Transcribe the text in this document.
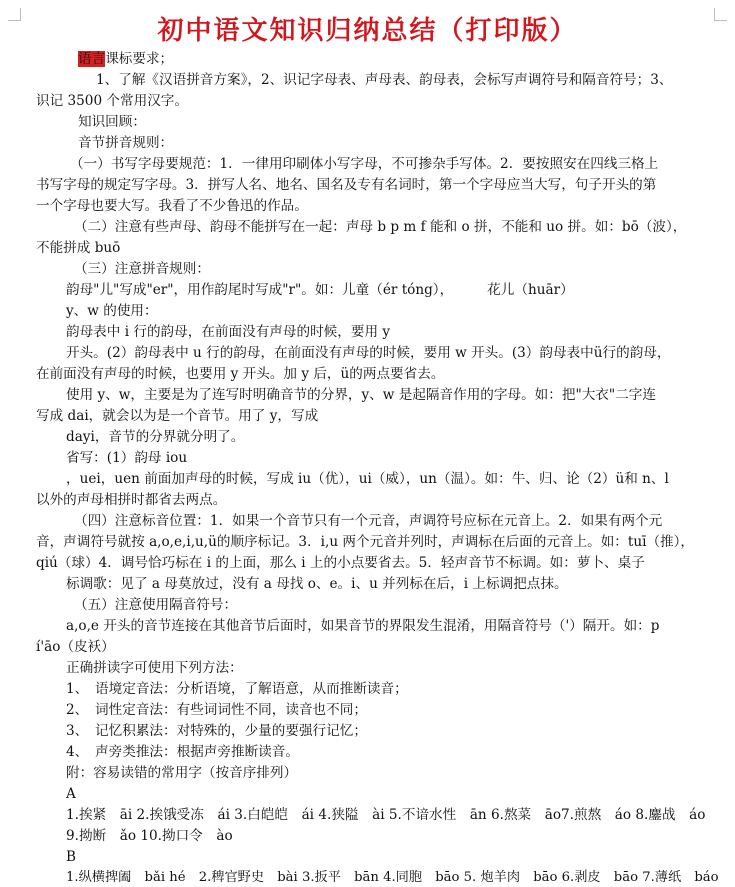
初中语文知识归纳总结（打印版）
语言课标要求；
1、了解《汉语拼音方案》，2、识记字母表、声母表、韵母表，会标写声调符号和隔音符号；3、
识记 3500 个常用汉字。
知识回顾：
音节拼音规则：
（一）书写字母要规范：1．一律用印刷体小写字母，不可掺杂手写体。2．要按照安在四线三格上
书写字母的规定写字母。3．拼写人名、地名、国名及专有名词时，第一个字母应当大写，句子开头的第
一个字母也要大写。我看了不少鲁迅的作品。
（二）注意有些声母、韵母不能拼写在一起：声母 b p m f 能和 o 拼，不能和 uo 拼。如：bō（波），
不能拼成 buō
（三）注意拼音规则：
韵母"儿"写成"er"，用作韵尾时写成"r"。如：儿童（ér tóng），　　　花儿（huār）
y、w 的使用：
韵母表中 i 行的韵母，在前面没有声母的时候，要用 y
开头。(2）韵母表中 u 行的韵母，在前面没有声母的时候，要用 w 开头。(3）韵母表中ü行的韵母，
在前面没有声母的时候，也要用 y 开头。加 y 后，ü的两点要省去。
使用 y、w，主要是为了连写时明确音节的分界，y、w 是起隔音作用的字母。如：把"大衣"二字连
写成 dai，就会以为是一个音节。用了 y，写成
dayi，音节的分界就分明了。
省写：(1）韵母 iou
，uei，uen 前面加声母的时候，写成 iu（优），ui（威），un（温）。如：牛、归、论（2）ü和 n、l
以外的声母相拼时都省去两点。
（四）注意标音位置：1．如果一个音节只有一个元音，声调符号应标在元音上。2．如果有两个元
音，声调符号就按 a,o,e,i,u,ü的顺序标记。3．i,u 两个元音并列时，声调标在后面的元音上。如：tuī（推），
qiú（球）4．调号恰巧标在 i 的上面，那么 i 上的小点要省去。5．轻声音节不标调。如：萝卜、桌子
标调歌：见了 a 母莫放过，没有 a 母找 o、e。i、u 并列标在后，i 上标调把点抹。
（五）注意使用隔音符号：
a,o,e 开头的音节连接在其他音节后面时，如果音节的界限发生混淆，用隔音符号（'）隔开。如：p
í'āo（皮袄）
正确拼读字可使用下列方法：
1、　语境定音法：分析语境，了解语意，从而推断读音；
2、　词性定音法：有些词词性不同，读音也不同；
3、　记忆积累法：对特殊的，少量的要强行记忆；
4、　声旁类推法：根据声旁推断读音。
附：容易读错的常用字（按音序排列）
A
1.挨紧　āi 2.挨饿受冻　ái 3.白皑皑　ái 4.狭隘　ài 5.不谙水性　ān 6.熬菜　āo7.煎熬　áo 8.鏖战　áo
9.拗断　ǎo 10.拗口令　ào
B
1.纵横捭阖　bǎi hé　2.稗官野史　bài 3.扳平　bān 4.同胞　bāo 5. 炮羊肉　bāo 6.剥皮　bāo 7.薄纸　báo
